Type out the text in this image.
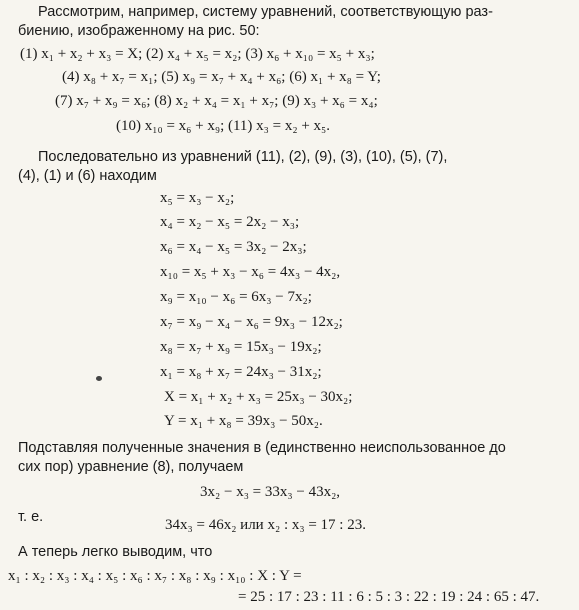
Рассмотрим, например, систему уравнений, соответствующую раз-
биению, изображенному на рис. 50:
(1) x₁ + x₂ + x₃ = X; (2) x₄ + x₅ = x₂; (3) x₆ + x₁₀ = x₅ + x₃;
(4) x₈ + x₇ = x₁; (5) x₉ = x₇ + x₄ + x₆; (6) x₁ + x₈ = Y;
(7) x₇ + x₉ = x₆; (8) x₂ + x₄ = x₁ + x₇; (9) x₃ + x₆ = x₄;
(10) x₁₀ = x₆ + x₉; (11) x₃ = x₂ + x₅.
Последовательно из уравнений (11), (2), (9), (3), (10), (5), (7),
(4), (1) и (6) находим
x₅ = x₃ − x₂;
x₄ = x₂ − x₅ = 2x₂ − x₃;
x₆ = x₄ − x₅ = 3x₂ − 2x₃;
x₁₀ = x₅ + x₃ − x₆ = 4x₃ − 4x₂,
x₉ = x₁₀ − x₆ = 6x₃ − 7x₂;
x₇ = x₉ − x₄ − x₆ = 9x₃ − 12x₂;
x₈ = x₇ + x₉ = 15x₃ − 19x₂;
x₁ = x₈ + x₇ = 24x₃ − 31x₂;
X = x₁ + x₂ + x₃ = 25x₃ − 30x₂;
Y = x₁ + x₈ = 39x₃ − 50x₂.
Подставляя полученные значения в (единственно неиспользованное до
сих пор) уравнение (8), получаем
3x₂ − x₃ = 33x₃ − 43x₂,
т. е.	34x₃ = 46x₂ или x₂ : x₃ = 17 : 23.
А теперь легко выводим, что
x₁ : x₂ : x₃ : x₄ : x₅ : x₆ : x₇ : x₈ : x₉ : x₁₀ : X : Y =
= 25 : 17 : 23 : 11 : 6 : 5 : 3 : 22 : 19 : 24 : 65 : 47.
